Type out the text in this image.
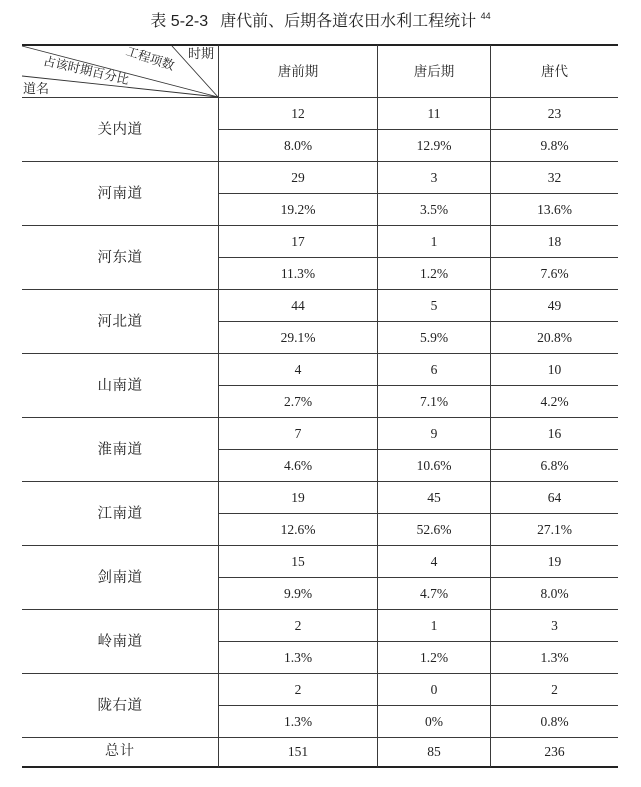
表 5-2-3 唐代前、后期各道农田水利工程统计 $^{44}$
时期
工程项数
占该时期百分比
道名
唐前期	唐后期	唐代
关内道
12	11	23
8.0%	12.9%	9.8%
河南道
29	3	32
19.2%	3.5%	13.6%
河东道
17	1	18
11.3%	1.2%	7.6%
河北道
44	5	49
29.1%	5.9%	20.8%
山南道
4	6	10
2.7%	7.1%	4.2%
淮南道
7	9	16
4.6%	10.6%	6.8%
江南道
19	45	64
12.6%	52.6%	27.1%
剑南道
15	4	19
9.9%	4.7%	8.0%
岭南道
2	1	3
1.3%	1.2%	1.3%
陇右道
2	0	2
1.3%	0%	0.8%
总计	151	85	236
